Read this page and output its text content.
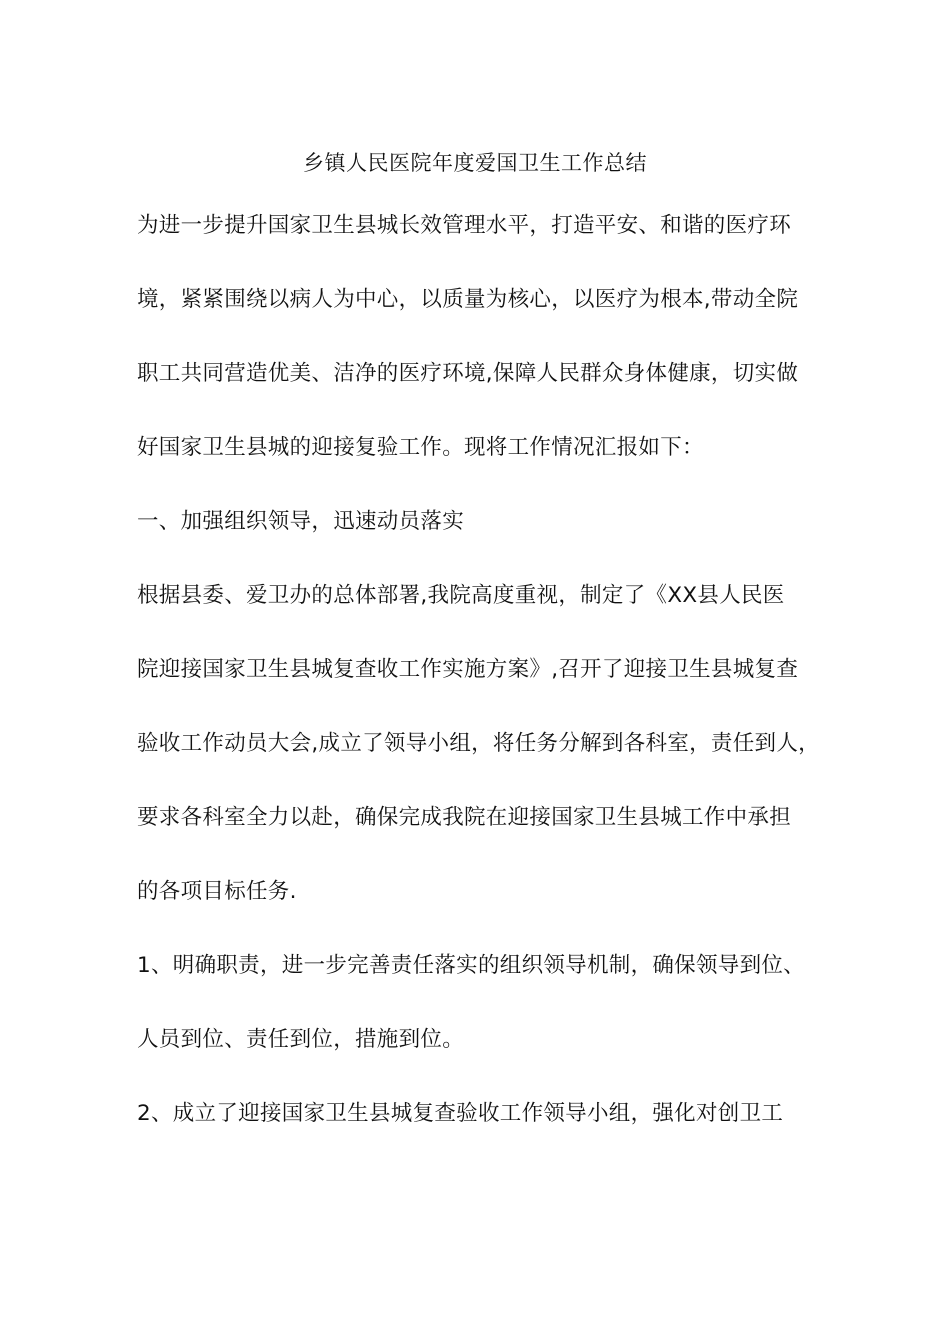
乡镇人民医院年度爱国卫生工作总结
为进一步提升国家卫生县城长效管理水平，打造平安、和谐的医疗环
境，紧紧围绕以病人为中心，以质量为核心，以医疗为根本,带动全院
职工共同营造优美、洁净的医疗环境,保障人民群众身体健康，切实做
好国家卫生县城的迎接复验工作。现将工作情况汇报如下：
一、加强组织领导，迅速动员落实
根据县委、爱卫办的总体部署,我院高度重视，制定了《XX县人民医
院迎接国家卫生县城复查收工作实施方案》,召开了迎接卫生县城复查
验收工作动员大会,成立了领导小组，将任务分解到各科室，责任到人，
要求各科室全力以赴，确保完成我院在迎接国家卫生县城工作中承担
的各项目标任务.
1、明确职责，进一步完善责任落实的组织领导机制，确保领导到位、
人员到位、责任到位，措施到位。
2、成立了迎接国家卫生县城复查验收工作领导小组，强化对创卫工
